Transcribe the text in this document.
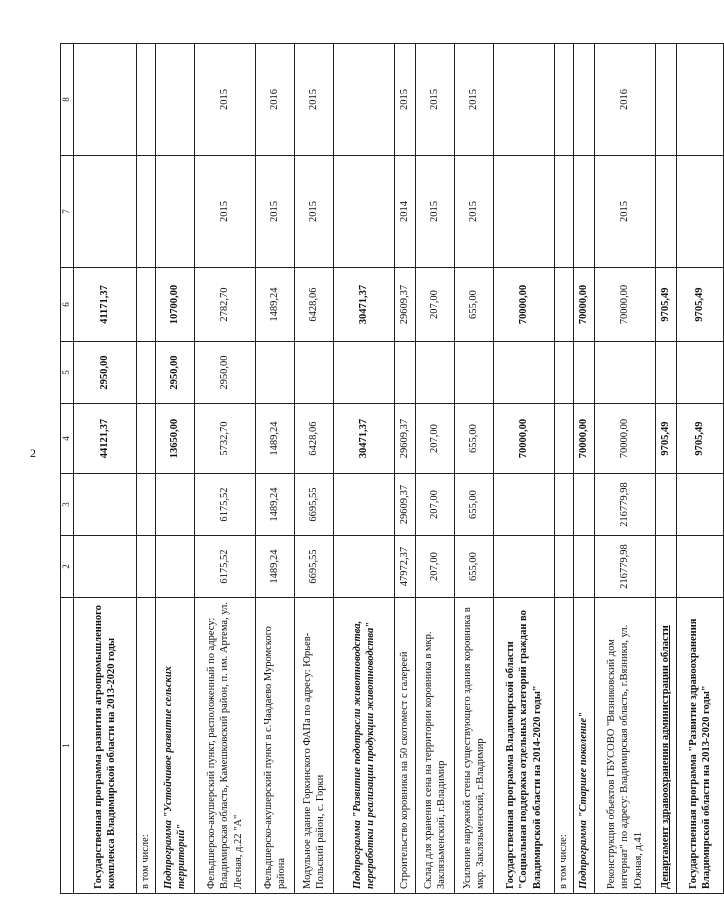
2
1	2	3	4	5	6	7	8
Государственная программа развития агропромышленного комплекса Владимирской области на 2013-2020 годы			44121,37	2950,00	41171,37		
в том числе:							
Подпрограмма "Устойчивое развитие сельских территорий"			13650,00	2950,00	10700,00		
Фельдшерско-акушерский пункт, расположенный по адресу: Владимирская область, Камешковский район, п. им. Артема, ул. Лесная, д.22 "А"	6175,52	6175,52	5732,70	2950,00	2782,70	2015	2015
Фельдшерско-акушерский пункт в с.Чаадаево Муромского района	1489,24	1489,24	1489,24		1489,24	2015	2016
Модульное здание Горкинского ФАПа по адресу: Юрьев-Польский район, с. Горки	6695,55	6695,55	6428,06		6428,06	2015	2015
Подпрограмма "Развитие подотрасли животноводства, переработки и реализации продукции животноводства"			30471,37		30471,37		
Строительство коровника на 50 скотомест с галереей	47972,37	29609,37	29609,37		29609,37	2014	2015
Склад для хранения сена на территории коровника в мкр. Заклязьменский, г.Владимир	207,00	207,00	207,00		207,00	2015	2015
Усиление наружной стены существующего здания коровника в мкр. Заклязьменский, г.Владимир	655,00	655,00	655,00		655,00	2015	2015
Государственная программа Владимирской области "Социальная поддержка отдельных категорий граждан во Владимирской области на 2014-2020 годы"			70000,00		70000,00		
в том числе:							
Подпрограмма "Старшее поколение"			70000,00		70000,00		
Реконструкция объектов ГБУСОВО "Вязниковский дом интернат" по адресу: Владимирская область, г.Вязники, ул. Южная, д.41	216779,98	216779,98	70000,00		70000,00	2015	2016
Департамент здравоохранения администрации области			9705,49		9705,49		
Государственная программа "Развитие здравоохранения Владимирской области на 2013-2020 годы"			9705,49		9705,49		
